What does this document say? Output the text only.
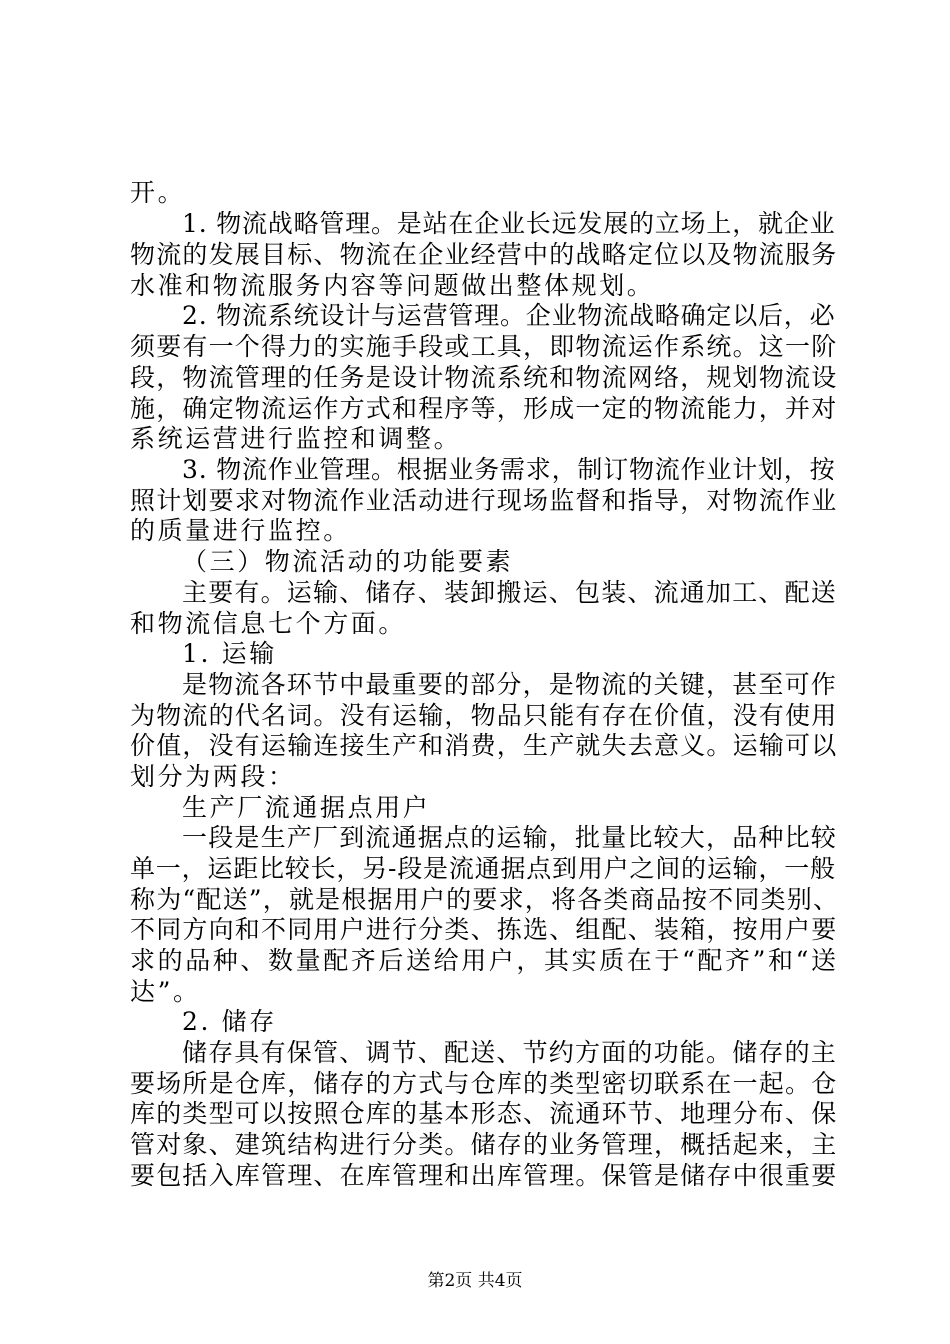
开。
1. 物流战略管理。是站在企业长远发展的立场上，就企业
物流的发展目标、物流在企业经营中的战略定位以及物流服务
水准和物流服务内容等问题做出整体规划。
2. 物流系统设计与运营管理。企业物流战略确定以后，必
须要有一个得力的实施手段或工具，即物流运作系统。这一阶
段，物流管理的任务是设计物流系统和物流网络，规划物流设
施，确定物流运作方式和程序等，形成一定的物流能力，并对
系统运营进行监控和调整。
3. 物流作业管理。根据业务需求，制订物流作业计划，按
照计划要求对物流作业活动进行现场监督和指导，对物流作业
的质量进行监控。
（三）物流活动的功能要素
主要有。运输、储存、装卸搬运、包装、流通加工、配送
和物流信息七个方面。
1. 运输
是物流各环节中最重要的部分，是物流的关键，甚至可作
为物流的代名词。没有运输，物品只能有存在价值，没有使用
价值，没有运输连接生产和消费，生产就失去意义。运输可以
划分为两段：
生产厂流通据点用户
一段是生产厂到流通据点的运输，批量比较大，品种比较
单一，运距比较长，另-段是流通据点到用户之间的运输，一般
称为“配送”，就是根据用户的要求，将各类商品按不同类别、
不同方向和不同用户进行分类、拣选、组配、装箱，按用户要
求的品种、数量配齐后送给用户，其实质在于“配齐”和“送
达”。
2. 储存
储存具有保管、调节、配送、节约方面的功能。储存的主
要场所是仓库，储存的方式与仓库的类型密切联系在一起。仓
库的类型可以按照仓库的基本形态、流通环节、地理分布、保
管对象、建筑结构进行分类。储存的业务管理，概括起来，主
要包括入库管理、在库管理和出库管理。保管是储存中很重要
第2页 共4页
